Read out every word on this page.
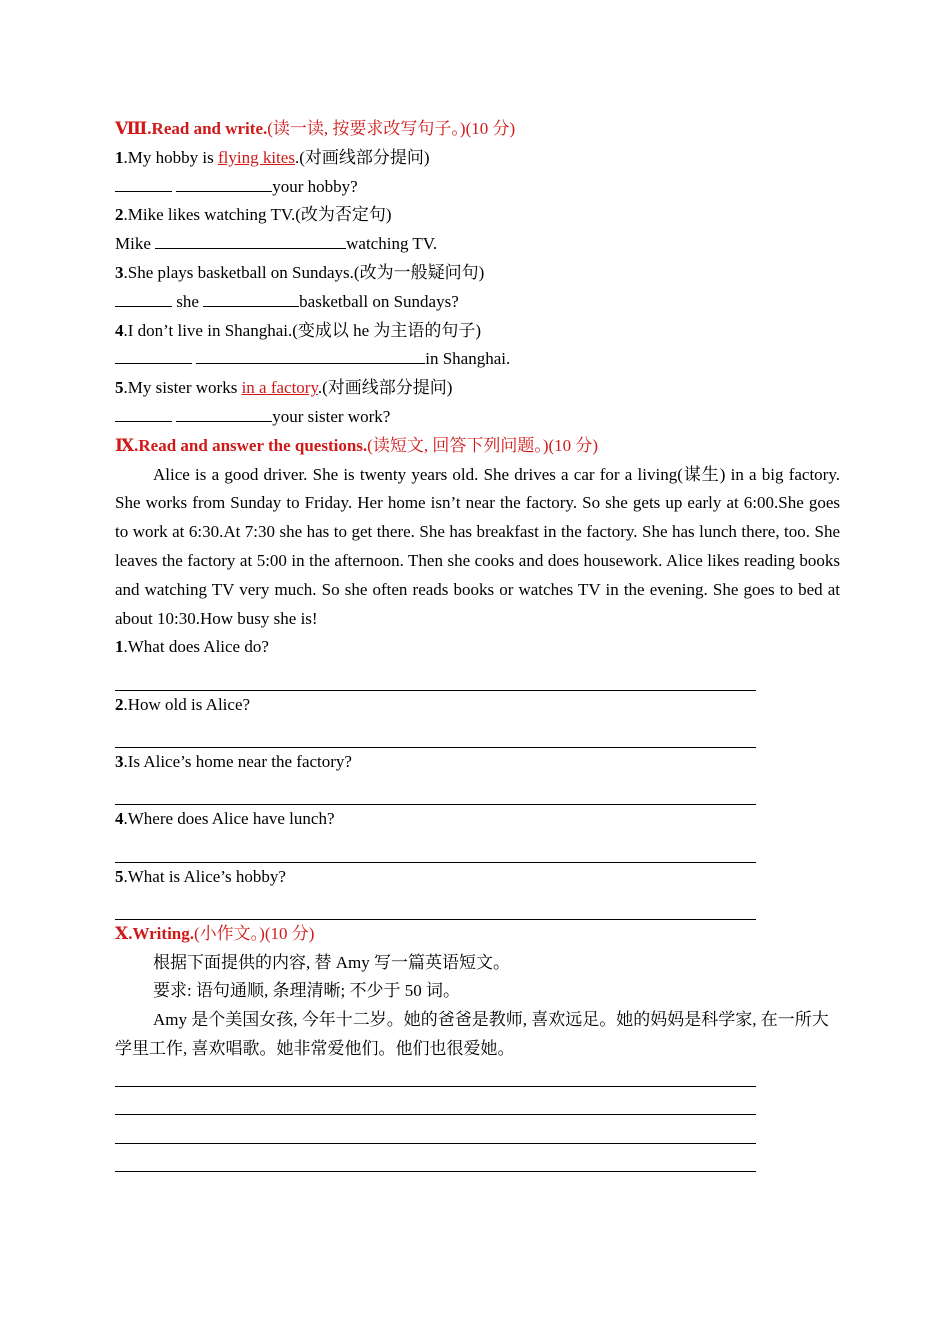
Ⅷ.Read and write.(读一读, 按要求改写句子。)(10 分)
1.My hobby is flying kites.(对画线部分提问)
your hobby?
2.Mike likes watching TV.(改为否定句)
Mike	watching TV.
3.She plays basketball on Sundays.(改为一般疑问句)
she	basketball on Sundays?
4.I don’t live in Shanghai.(变成以 he 为主语的句子)
in Shanghai.
5.My sister works in a factory.(对画线部分提问)
your sister work?
Ⅸ.Read and answer the questions.(读短文, 回答下列问题。)(10 分)

Alice is a good driver. She is twenty years old. She drives a car for a living(谋生) in a big factory. She works from Sunday to Friday. Her home isn’t near the factory. So she gets up early at 6:00.She goes to work at 6:30.At 7:30 she has to get there. She has breakfast in the factory. She has lunch there, too. She leaves the factory at 5:00 in the afternoon. Then she cooks and does housework. Alice likes reading books and watching TV very much. So she often reads books or watches TV in the evening. She goes to bed at about 10:30.How busy she is!

1.What does Alice do?
2.How old is Alice?
3.Is Alice’s home near the factory?
4.Where does Alice have lunch?
5.What is Alice’s hobby?
Ⅹ.Writing.(小作文。)(10 分)
根据下面提供的内容, 替 Amy 写一篇英语短文。
要求: 语句通顺, 条理清晰; 不少于 50 词。

Amy 是个美国女孩, 今年十二岁。她的爸爸是教师, 喜欢远足。她的妈妈是科学家, 在一所大学里工作, 喜欢唱歌。她非常爱他们。他们也很爱她。
